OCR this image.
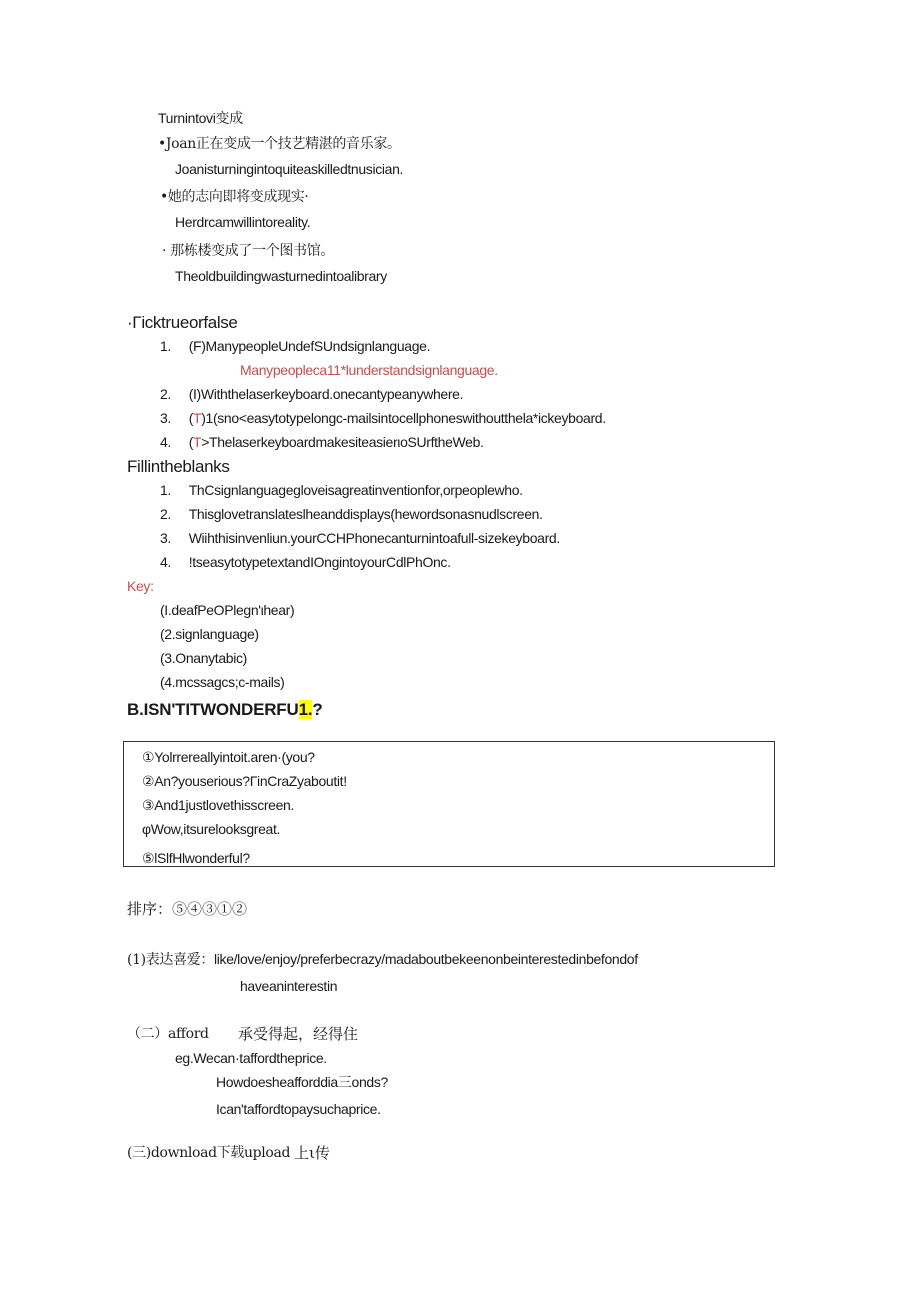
Turnintovi变成
•Joan正在变成一个技艺精湛的音乐家。
Joanisturningintoquiteaskilledtnusician.
•她的志向即将变成现实·
Herdrcamwillintoreality.
· 那栋楼变成了一个图书馆。
Theoldbuildingwasturnedintoalibrary
·Γicktrueorfalse
1. (F)ManypeopleUndefSUndsignlanguage.
Manypeopleca11*lunderstandsignlanguage.
2. (I)Withthelaserkeyboard.onecantypeanywhere.
3. (T)1(sno<easytotypelongc-mailsintocellphoneswithoutthela*ickeyboard.
4. (T>ThelaserkeyboardmakesiteasierιoSUrftheWeb.
Fillintheblanks
1. ThCsignlanguagegloveisagreatinventionfor,orpeoplewho.
2. Thisglovetranslateslheanddisplays(hewordsonasnudlscreen.
3. Wiihthisinvenliun.yourCCHPhonecanturnintoafull-sizekeyboard.
4. !tseasytotypetextandIOngintoyourCdlPhOnc.
Key:
(I.deafPeOPlegn'ιhear)
(2.signlanguage)
(3.Onanytabic)
(4.mcssagcs;c-mails)
B.ISN'TITWONDERFU1.?
①Yolrrereallyintoit.aren·(you?
②An?youserious?ΓinCraZyaboutit!
③And1justlovethisscreen.
φWow,itsurelooksgreat.
⑤lSlfHlwonderful?
排序：⑤④③①②
(1)表达喜爱：like/love/enjoy/preferbecrazy/madaboutbekeenonbeinterestedinbefondof
haveaninterestin
（二）afford 承受得起，经得住
eg.Wecan·taffordtheprice.
Howdoesheaffordd​ia三onds?
Ican'taffordtopaysuchaprice.
(三)download下载upload 上ι传
